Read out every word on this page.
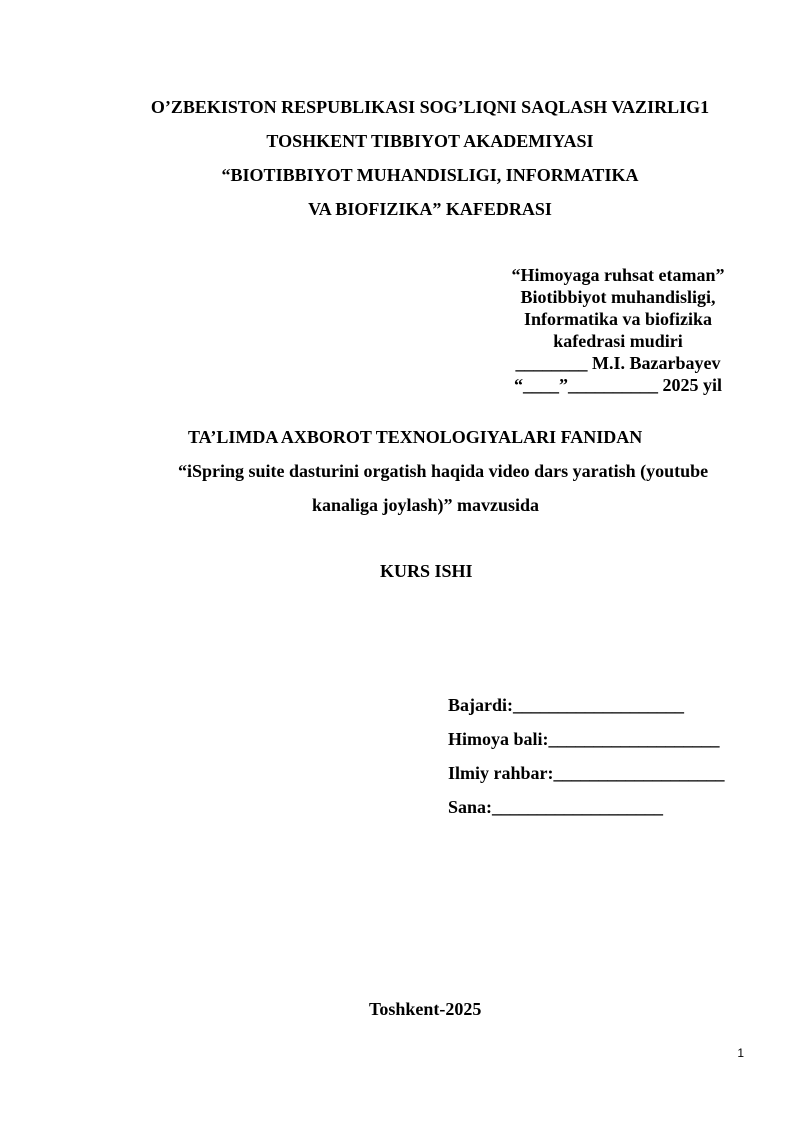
O’ZBEKISTON RESPUBLIKASI SOG’LIQNI SAQLASH VAZIRLIG1
TOSHKENT TIBBIYOT AKADEMIYASI
“BIOTIBBIYOT MUHANDISLIGI, INFORMATIKA
VA BIOFIZIKA” KAFEDRASI
“Himoyaga ruhsat etaman”
Biotibbiyot muhandisligi,
Informatika va biofizika
kafedrasi mudiri
________ M.I. Bazarbayev
“____”__________ 2025 yil
TA’LIMDA AXBOROT TEXNOLOGIYALARI FANIDAN
“iSpring suite dasturini orgatish haqida video dars yaratish (youtube
kanaliga joylash)” mavzusida
KURS ISHI
Bajardi:___________________
Himoya bali:___________________
Ilmiy rahbar:___________________
Sana:___________________
Toshkent-2025
1
